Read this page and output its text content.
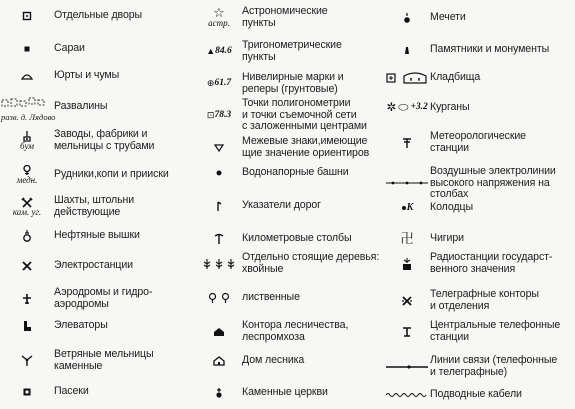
Отдельные дворы
Сараи
Юрты и чумы
Развалины
разв. д. Лядово
бум
Заводы, фабрики и
мельницы с трубами
медн.
Рудники,копи и прииски
кам. уг.
Шахты, штольни
действующие
Нефтяные вышки
Электростанции
Аэродромы и гидро-
аэродромы
Элеваторы
Ветряные мельницы
каменные
Пасеки
☆
астр.
Астрономические
пункты
▲ 84.6 Тригонометрические
пункты
⊕ 61.7 Нивелирные марки и
реперы (грунтовые)
⊡ 78.3
Точки полигонометрии
и точки съемочной сети
с заложенными центрами
Межевые знаки,имеющие
щие значение ориентиров
Водонапорные башни
Указатели дорог
Километровые столбы
Отдельно стоящие деревья:
хвойные
лиственные
Контора лесничества,
леспромхоза
Дом лесника
Каменные церкви
Мечети
Памятники и монументы
Кладбища
✲ ⬭ +3.2 Курганы
Метеорологические
станции
Воздушные электролинии
высокого напряжения на
столбах
K Колодцы
卍 Чигири
Радиостанции государст-
венного значения
Телеграфные конторы
и отделения
Центральные телефонные
станции
Линии связи (телефонные
и телеграфные)
Подводные кабели
